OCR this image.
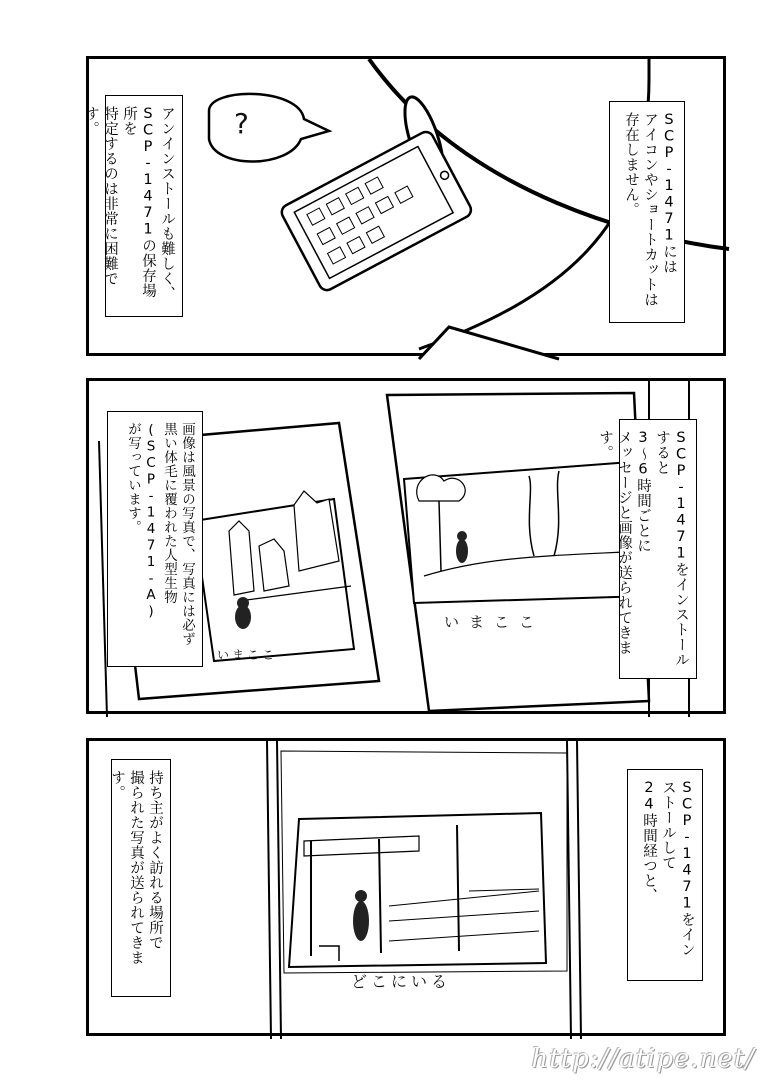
?	SCP-1471には
アイコンやショートカットは
存在しません。
アンインストールも難しく、
SCP-1471の保存場所を
特定するのは非常に困難です。
いまここ
いまここ	SCP-1471をインストールすると
3〜6時間ごとに
メッセージと画像が送られてきます。
画像は風景の写真で、写真には必ず
黒い体毛に覆われた人型生物
(SCP-1471-A)
が写っています。
どこにいる
SCP-1471をインストールして
24時間経つと、
持ち主がよく訪れる場所で
撮られた写真が送られてきます。
http://atipe.net/
